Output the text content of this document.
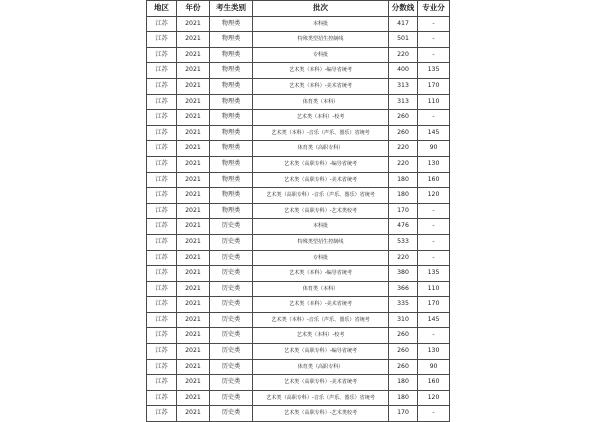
地区	年份	考生类别	批次	分数线	专业分
江苏	2021	物理类	本科批	417	-
江苏	2021	物理类	特殊类型招生控制线	501	-
江苏	2021	物理类	专科批	220	-
江苏	2021	物理类	艺术类（本科）-编导省统考	400	135
江苏	2021	物理类	艺术类（本科）-美术省统考	313	170
江苏	2021	物理类	体育类（本科）	313	110
江苏	2021	物理类	艺术类（本科）-校考	260	-
江苏	2021	物理类	艺术类（本科）-音乐（声乐、器乐）省统考	260	145
江苏	2021	物理类	体育类（高职专科）	220	90
江苏	2021	物理类	艺术类（高职专科）-编导省统考	220	130
江苏	2021	物理类	艺术类（高职专科）-美术省统考	180	160
江苏	2021	物理类	艺术类（高职专科）-音乐（声乐、器乐）省统考	180	120
江苏	2021	物理类	艺术类（高职专科）-艺术类校考	170	-
江苏	2021	历史类	本科批	476	-
江苏	2021	历史类	特殊类型招生控制线	533	-
江苏	2021	历史类	专科批	220	-
江苏	2021	历史类	艺术类（本科）-编导省统考	380	135
江苏	2021	历史类	体育类（本科）	366	110
江苏	2021	历史类	艺术类（本科）-美术省统考	335	170
江苏	2021	历史类	艺术类（本科）-音乐（声乐、器乐）省统考	310	145
江苏	2021	历史类	艺术类（本科）-校考	260	-
江苏	2021	历史类	艺术类（高职专科）-编导省统考	260	130
江苏	2021	历史类	体育类（高职专科）	260	90
江苏	2021	历史类	艺术类（高职专科）-美术省统考	180	160
江苏	2021	历史类	艺术类（高职专科）-音乐（声乐、器乐）省统考	180	120
江苏	2021	历史类	艺术类（高职专科）-艺术类校考	170	-
